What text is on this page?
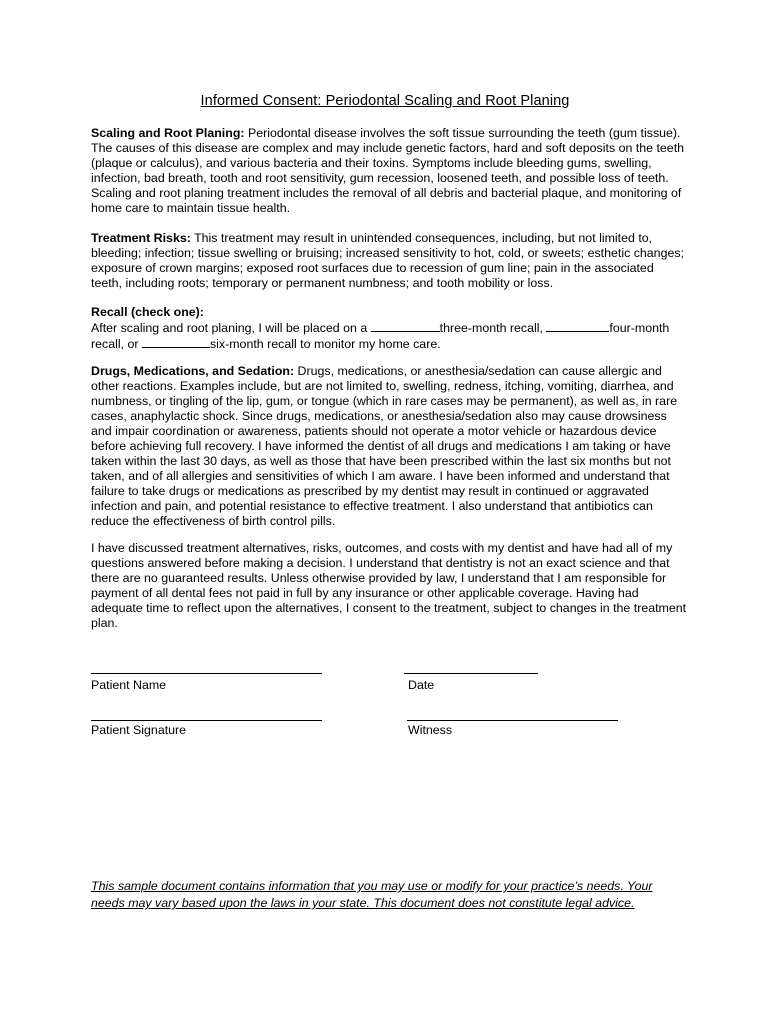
Informed Consent: Periodontal Scaling and Root Planing

Scaling and Root Planing: Periodontal disease involves the soft tissue surrounding the teeth (gum tissue). The causes of this disease are complex and may include genetic factors, hard and soft deposits on the teeth (plaque or calculus), and various bacteria and their toxins. Symptoms include bleeding gums, swelling, infection, bad breath, tooth and root sensitivity, gum recession, loosened teeth, and possible loss of teeth. Scaling and root planing treatment includes the removal of all debris and bacterial plaque, and monitoring of home care to maintain tissue health.

Treatment Risks: This treatment may result in unintended consequences, including, but not limited to, bleeding; infection; tissue swelling or bruising; increased sensitivity to hot, cold, or sweets; esthetic changes; exposure of crown margins; exposed root surfaces due to recession of gum line; pain in the associated teeth, including roots; temporary or permanent numbness; and tooth mobility or loss.

Recall (check one):
After scaling and root planing, I will be placed on a	three-month recall,	four-month recall, or	six-month recall to monitor my home care.

Drugs, Medications, and Sedation: Drugs, medications, or anesthesia/sedation can cause allergic and other reactions. Examples include, but are not limited to, swelling, redness, itching, vomiting, diarrhea, and numbness, or tingling of the lip, gum, or tongue (which in rare cases may be permanent), as well as, in rare cases, anaphylactic shock. Since drugs, medications, or anesthesia/sedation also may cause drowsiness and impair coordination or awareness, patients should not operate a motor vehicle or hazardous device before achieving full recovery. I have informed the dentist of all drugs and medications I am taking or have taken within the last 30 days, as well as those that have been prescribed within the last six months but not taken, and of all allergies and sensitivities of which I am aware. I have been informed and understand that failure to take drugs or medications as prescribed by my dentist may result in continued or aggravated infection and pain, and potential resistance to effective treatment. I also understand that antibiotics can reduce the effectiveness of birth control pills.

I have discussed treatment alternatives, risks, outcomes, and costs with my dentist and have had all of my questions answered before making a decision. I understand that dentistry is not an exact science and that there are no guaranteed results. Unless otherwise provided by law, I understand that I am responsible for payment of all dental fees not paid in full by any insurance or other applicable coverage. Having had adequate time to reflect upon the alternatives, I consent to the treatment, subject to changes in the treatment plan.

Patient Name	Date
Patient Signature	Witness

This sample document contains information that you may use or modify for your practice’s needs. Your needs may vary based upon the laws in your state. This document does not constitute legal advice.
